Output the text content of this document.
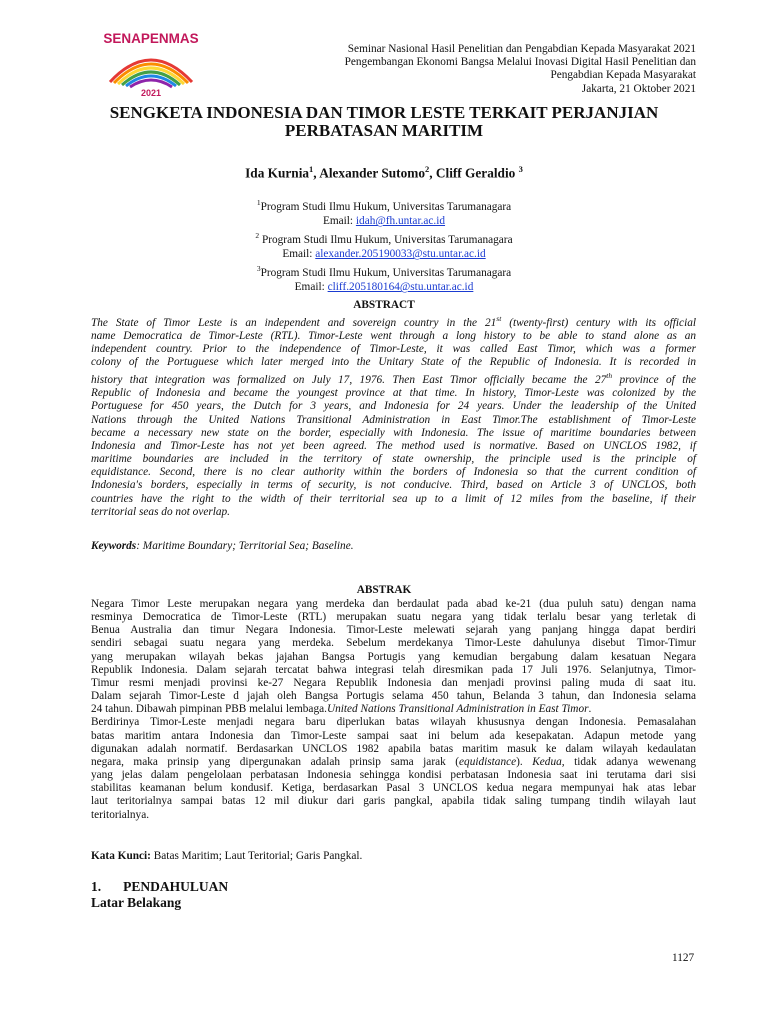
SENAPENMAS
2021
Seminar Nasional Hasil Penelitian dan Pengabdian Kepada Masyarakat 2021
Pengembangan Ekonomi Bangsa Melalui Inovasi Digital Hasil Penelitian dan
Pengabdian Kepada Masyarakat
Jakarta, 21 Oktober 2021
SENGKETA INDONESIA DAN TIMOR LESTE TERKAIT PERJANJIAN
PERBATASAN MARITIM
Ida Kurnia$^1$, Alexander Sutomo$^2$, Cliff Geraldio $^3$
$^1$Program Studi Ilmu Hukum, Universitas Tarumanagara
Email: idah@fh.untar.ac.id
$^2$ Program Studi Ilmu Hukum, Universitas Tarumanagara
Email: alexander.205190033@stu.untar.ac.id
$^3$Program Studi Ilmu Hukum, Universitas Tarumanagara
Email: cliff.205180164@stu.untar.ac.id
ABSTRACT
The State of Timor Leste is an independent and sovereign country in the 21st (twenty-first) century with its official
name Democratica de Timor-Leste (RTL). Timor-Leste went through a long history to be able to stand alone as an
independent country. Prior to the independence of Timor-Leste, it was called East Timor, which was a former
colony of the Portuguese which later merged into the Unitary State of the Republic of Indonesia. It is recorded in
history that integration was formalized on July 17, 1976. Then East Timor officially became the 27th province of the
Republic of Indonesia and became the youngest province at that time. In history, Timor-Leste was colonized by the
Portuguese for 450 years, the Dutch for 3 years, and Indonesia for 24 years. Under the leadership of the United
Nations through the United Nations Transitional Administration in East Timor.The establishment of Timor-Leste
became a necessary new state on the border, especially with Indonesia. The issue of maritime boundaries between
Indonesia and Timor-Leste has not yet been agreed. The method used is normative. Based on UNCLOS 1982, if
maritime boundaries are included in the territory of state ownership, the principle used is the principle of
equidistance. Second, there is no clear authority within the borders of Indonesia so that the current condition of
Indonesia's borders, especially in terms of security, is not conducive. Third, based on Article 3 of UNCLOS, both
countries have the right to the width of their territorial sea up to a limit of 12 miles from the baseline, if their
territorial seas do not overlap.
Keywords: Maritime Boundary; Territorial Sea; Baseline.
ABSTRAK
Negara Timor Leste merupakan negara yang merdeka dan berdaulat pada abad ke-21 (dua puluh satu) dengan nama
resminya Democratica de Timor-Leste (RTL) merupakan suatu negara yang tidak terlalu besar yang terletak di
Benua Australia dan timur Negara Indonesia. Timor-Leste melewati sejarah yang panjang hingga dapat berdiri
sendiri sebagai suatu negara yang merdeka. Sebelum merdekanya Timor-Leste dahulunya disebut Timor-Timur
yang merupakan wilayah bekas jajahan Bangsa Portugis yang kemudian bergabung dalam kesatuan Negara
Republik Indonesia. Dalam sejarah tercatat bahwa integrasi telah diresmikan pada 17 Juli 1976. Selanjutnya, Timor-
Timur resmi menjadi provinsi ke-27 Negara Republik Indonesia dan menjadi provinsi paling muda di saat itu.
Dalam sejarah Timor-Leste d jajah oleh Bangsa Portugis selama 450 tahun, Belanda 3 tahun, dan Indonesia selama
24 tahun. Dibawah pimpinan PBB melalui lembaga.United Nations Transitional Administration in East Timor.
Berdirinya Timor-Leste menjadi negara baru diperlukan batas wilayah khususnya dengan Indonesia. Pemasalahan
batas maritim antara Indonesia dan Timor-Leste sampai saat ini belum ada kesepakatan. Adapun metode yang
digunakan adalah normatif. Berdasarkan UNCLOS 1982 apabila batas maritim masuk ke dalam wilayah kedaulatan
negara, maka prinsip yang dipergunakan adalah prinsip sama jarak (equidistance). Kedua, tidak adanya wewenang
yang jelas dalam pengelolaan perbatasan Indonesia sehingga kondisi perbatasan Indonesia saat ini terutama dari sisi
stabilitas keamanan belum kondusif. Ketiga, berdasarkan Pasal 3 UNCLOS kedua negara mempunyai hak atas lebar
laut teritorialnya sampai batas 12 mil diukur dari garis pangkal, apabila tidak saling tumpang tindih wilayah laut
teritorialnya.
Kata Kunci: Batas Maritim; Laut Teritorial; Garis Pangkal.
1. PENDAHULUAN
Latar Belakang
1127
